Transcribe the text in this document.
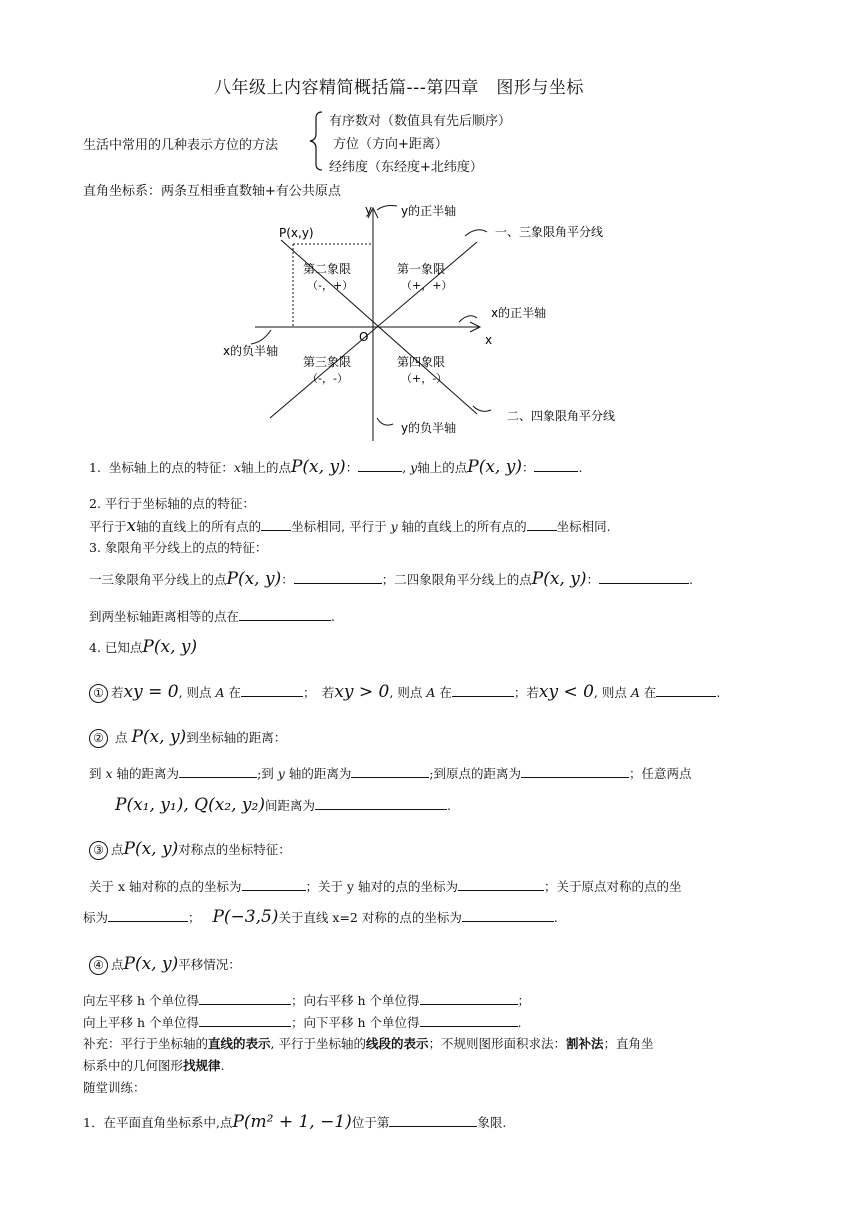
八年级上内容精简概括篇---第四章　图形与坐标
生活中常用的几种表示方位的方法
有序数对（数值具有先后顺序）
方位（方向+距离）
经纬度（东经度+北纬度）
直角坐标系：两条互相垂直数轴+有公共原点
y
x
O
P(x,y)
y的正半轴
y的负半轴
x的正半轴
x的负半轴
一、三象限角平分线
二、四象限角平分线
第一象限
（+，+）
第二象限
（-，+）
第三象限
（-，-）
第四象限
（+，-）
1. 坐标轴上的点的特征：x轴上的点P(x, y)：	, y轴上的点P(x, y)：	.
2. 平行于坐标轴的点的特征：
平行于x轴的直线上的所有点的 坐标相同, 平行于 y 轴的直线上的所有点的 坐标相同.
3. 象限角平分线上的点的特征：
一三象限角平分线上的点P(x, y)：	；二四象限角平分线上的点P(x, y)：	.
到两坐标轴距离相等的点在	.
4. 已知点P(x, y)
① 若xy = 0, 则点 A 在	；　若xy > 0, 则点 A 在	；若xy < 0, 则点 A 在	.
② 点 P(x, y)到坐标轴的距离：
到 x 轴的距离为	;到 y 轴的距离为	;到原点的距离为	；任意两点
P(x₁, y₁), Q(x₂, y₂)间距离为	.
③ 点P(x, y)对称点的坐标特征：
关于 x 轴对称的点的坐标为	；关于 y 轴对的点的坐标为	；关于原点对称的点的坐
标为	； P(−3,5)关于直线 x=2 对称的点的坐标为	.
④ 点P(x, y)平移情况：
向左平移 h 个单位得	；向右平移 h 个单位得	；
向上平移 h 个单位得	；向下平移 h 个单位得	.
补充：平行于坐标轴的直线的表示, 平行于坐标轴的线段的表示；不规则图形面积求法：割补法；直角坐
标系中的几何图形找规律.
随堂训练：
1．在平面直角坐标系中,点P(m² + 1, −1)位于第	象限.
